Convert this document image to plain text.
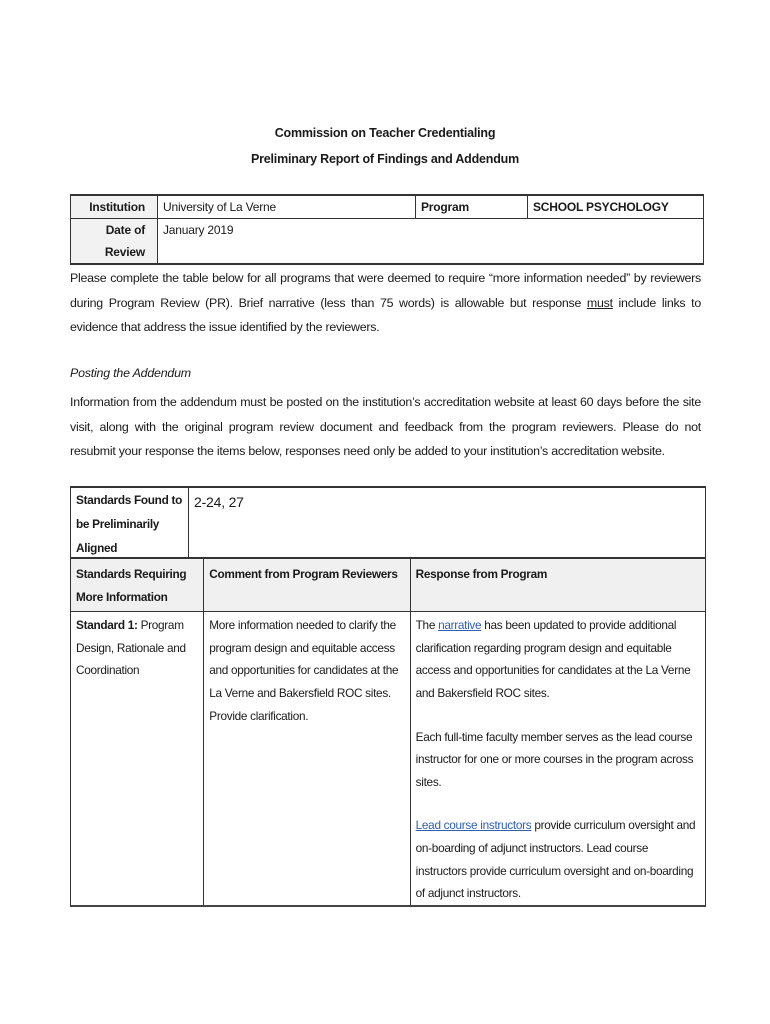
Commission on Teacher Credentialing
Preliminary Report of Findings and Addendum
Institution	University of La Verne	Program	SCHOOL PSYCHOLOGY
Date of Review	January 2019		
Please complete the table below for all programs that were deemed to require “more information needed” by reviewers during Program Review (PR). Brief narrative (less than 75 words) is allowable but response must include links to evidence that address the issue identified by the reviewers.
Posting the Addendum
Information from the addendum must be posted on the institution’s accreditation website at least 60 days before the site visit, along with the original program review document and feedback from the program reviewers. Please do not resubmit your response the items below, responses need only be added to your institution’s accreditation website.
Standards Found to be Preliminarily Aligned	2-24, 27
Standards Requiring More Information	Comment from Program Reviewers	Response from Program
Standard 1: Program Design, Rationale and Coordination	More information needed to clarify the program design and equitable access and opportunities for candidates at the La Verne and Bakersfield ROC sites. Provide clarification.	The narrative has been updated to provide additional clarification regarding program design and equitable access and opportunities for candidates at the La Verne and Bakersfield ROC sites.
Each full-time faculty member serves as the lead course instructor for one or more courses in the program across sites.
Lead course instructors provide curriculum oversight and on-boarding of adjunct instructors. Lead course instructors provide curriculum oversight and on-boarding of adjunct instructors.
